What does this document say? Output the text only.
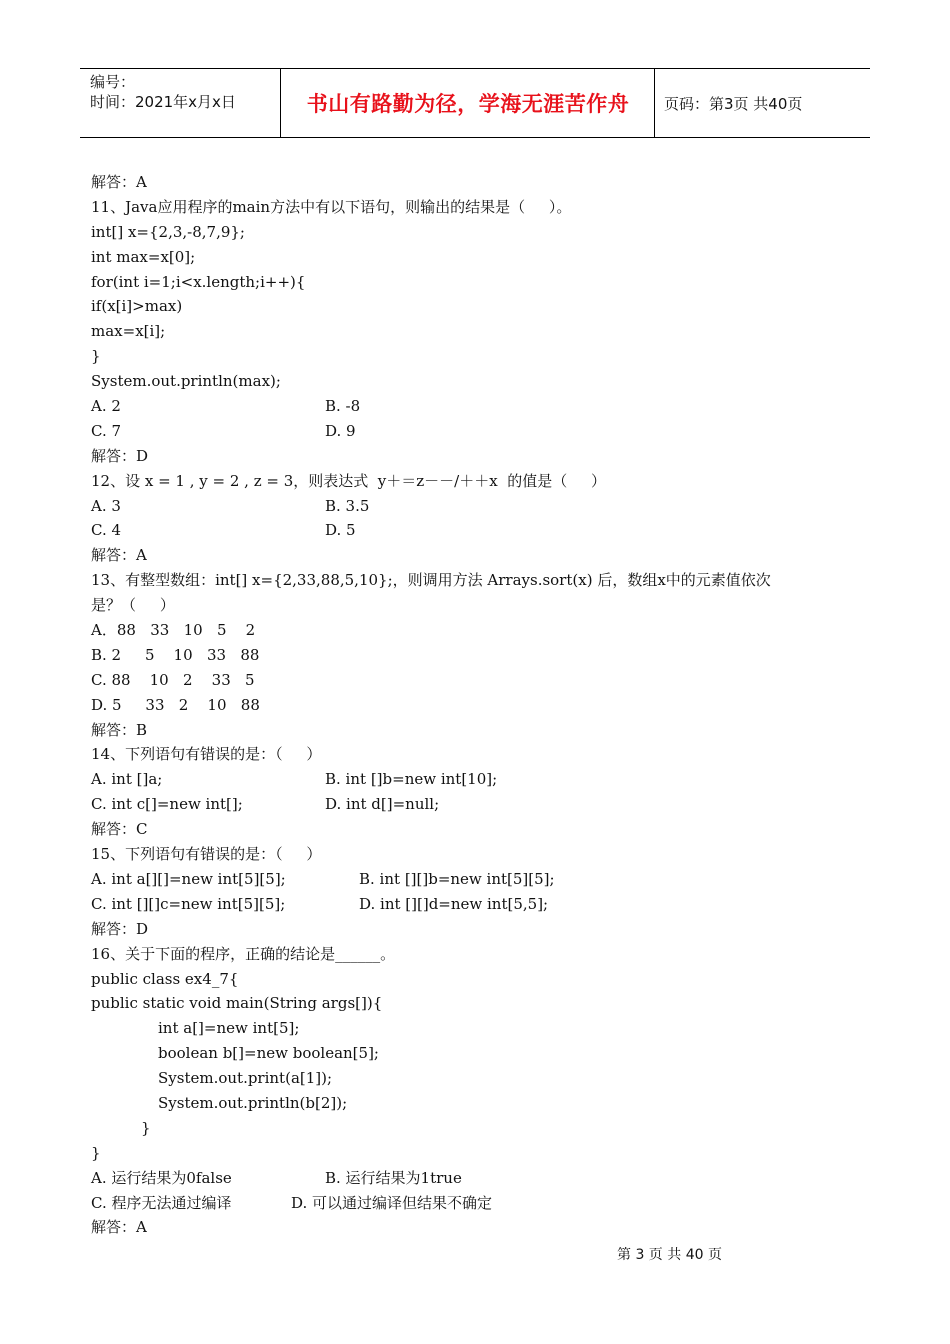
编号：
时间：2021年x月x日	书山有路勤为径，学海无涯苦作舟	页码：第3页 共40页
解答：A
11、Java应用程序的main方法中有以下语句，则输出的结果是（     ）。
int[] x={2,3,-8,7,9};
int max=x[0];
for(int i=1;i<x.length;i++){
if(x[i]>max)
max=x[i];
}
System.out.println(max);
A. 2	B. -8
C. 7	D. 9
解答：D
12、设 x = 1 , y = 2 , z = 3，则表达式  y＋＝z－－/＋＋x  的值是（     ）
A. 3	B. 3.5
C. 4	D. 5
解答：A
13、有整型数组：int[] x={2,33,88,5,10};，则调用方法 Arrays.sort(x) 后，数组x中的元素值依次
是？（     ）
A．88   33   10   5    2
B. 2     5    10   33   88
C. 88    10   2    33   5
D. 5     33   2    10   88
解答：B
14、下列语句有错误的是：（     ）
A. int []a;	B. int []b=new int[10];
C. int c[]=new int[];	D. int d[]=null;
解答：C
15、下列语句有错误的是：（     ）
A. int a[][]=new int[5][5];	B. int [][]b=new int[5][5];
C. int [][]c=new int[5][5];	D. int [][]d=new int[5,5];
解答：D
16、关于下面的程序，正确的结论是______。
public class ex4_7{
public static void main(String args[]){
int a[]=new int[5];
boolean b[]=new boolean[5];
System.out.print(a[1]);
System.out.println(b[2]);
}
}
A. 运行结果为0false	B. 运行结果为1true
C. 程序无法通过编译	D. 可以通过编译但结果不确定
解答：A
第 3 页 共 40 页
